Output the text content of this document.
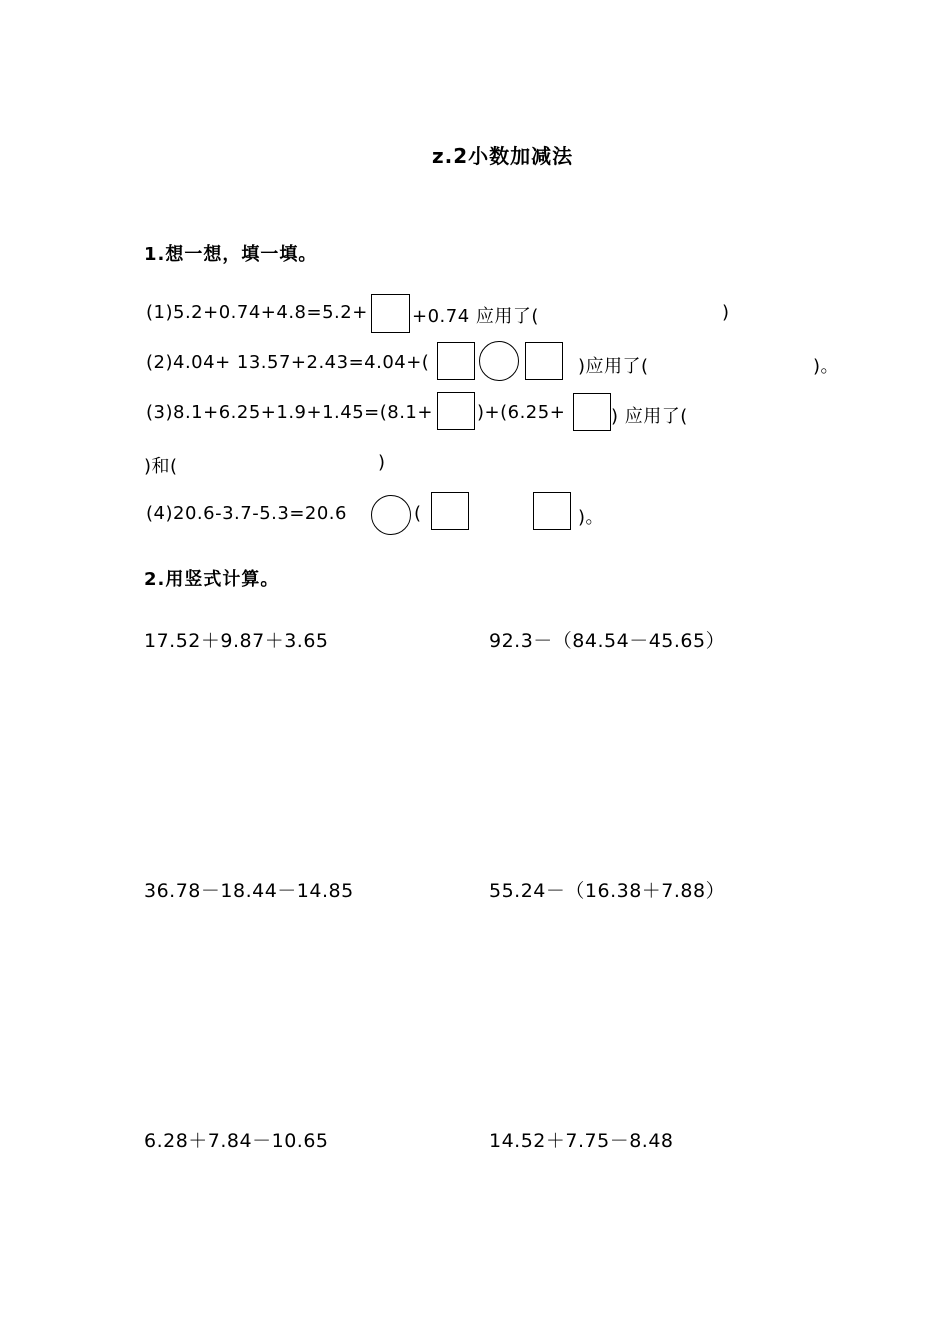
z.2小数加减法
1.想一想，填一填。
(1)5.2+0.74+4.8=5.2+ +0.74 应用了(	)
(2)4.04+ 13.57+2.43=4.04+(	)应用了(	)。
(3)8.1+6.25+1.9+1.45=(8.1+ )+(6.25+	) 应用了(
)和(	)
(4)20.6-3.7-5.3=20.6	(	)。
2.用竖式计算。
17.52＋9.87＋3.65	92.3－（84.54－45.65）
36.78－18.44－14.85	55.24－（16.38＋7.88）
6.28＋7.84－10.65	14.52＋7.75－8.48
